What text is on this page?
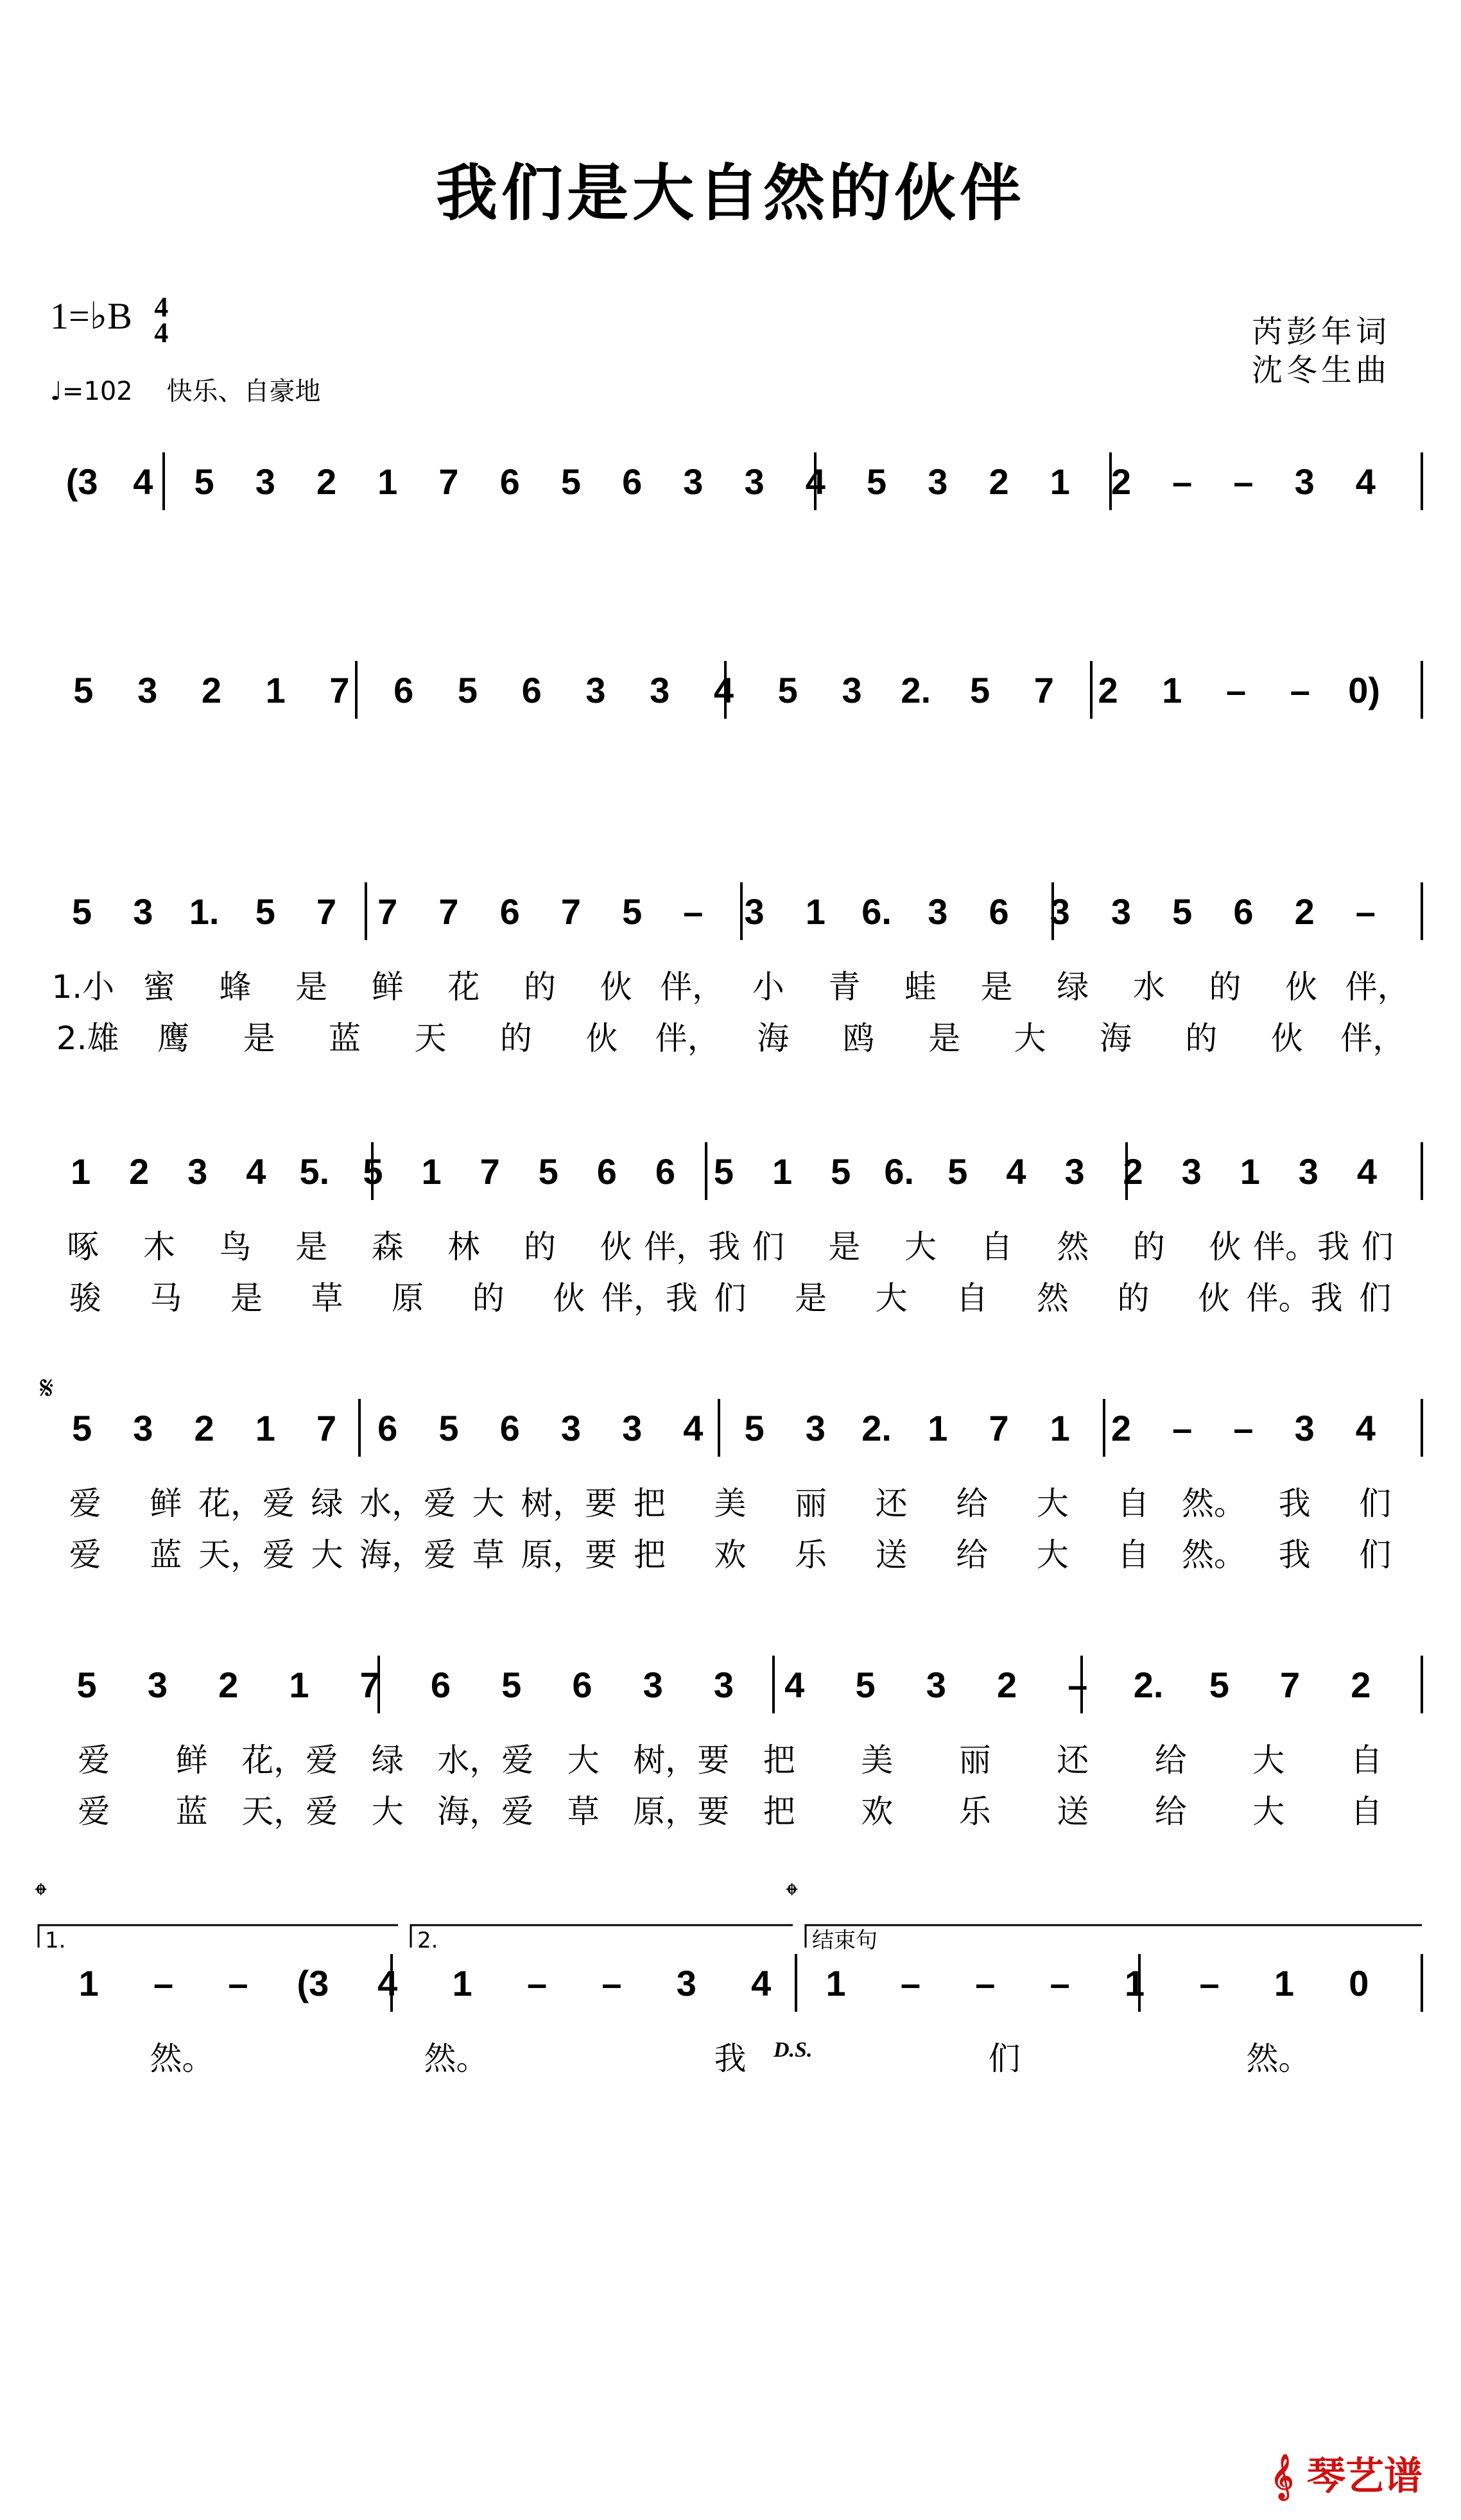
我们是大自然的伙伴
1=♭B 4
4
♩=102 快乐、自豪地
芮彭年词
沈冬生曲
(3 4 5 3 2 1 7 6 5 6 3 3 4 5 3 2 1 2 – – 3 4
5 3 2 1 7 6 5 6 3 3 4 5 3 2. 5 7 2 1 – – 0)
5 3 1. 5 7 7 7 6 7 5 – 3 1 6. 3 6 3 3 5 6 2 –
1.小 蜜 蜂 是 鲜 花 的 伙 伴， 小 青 蛙 是 绿 水 的 伙 伴，
2.雄 鹰 是 蓝 天 的 伙 伴， 海 鸥 是 大 海 的 伙 伴，
1 2 3 4 5. 5 1 7 5 6 6 5 1 5 6. 5 4 3 2 3 1 3 4
啄 木 鸟 是 森 林 的 伙 伴，我 们 是 大 自 然 的 伙 伴。我 们
骏 马 是 草 原 的 伙 伴，我 们 是 大 自 然 的 伙 伴。我 们
5 3 2 1 7 6 5 6 3 3 4 5 3 2. 1 7 1 2 – – 3 4
爱 鲜 花，爱 绿 水，爱 大 树，要 把 美 丽 还 给 大 自 然。 我 们
爱 蓝 天，爱 大 海，爱 草 原，要 把 欢 乐 送 给 大 自 然。 我 们
5 3 2 1 7 6 5 6 3 3 4 5 3 2 – 2. 5 7 2
爱 鲜 花，爱 绿 水，爱 大 树，要 把 美 丽 还 给 大 自
爱 蓝 天，爱 大 海，爱 草 原，要 把 欢 乐 送 给 大 自
1 – – (3 4 1 – – 3 4 1 – – – 1 – 1 0
然。	然。	我	们	然。
𝄋
𝄌	𝄌
1.	2.	结束句
D.S.
𝄞 琴艺谱
